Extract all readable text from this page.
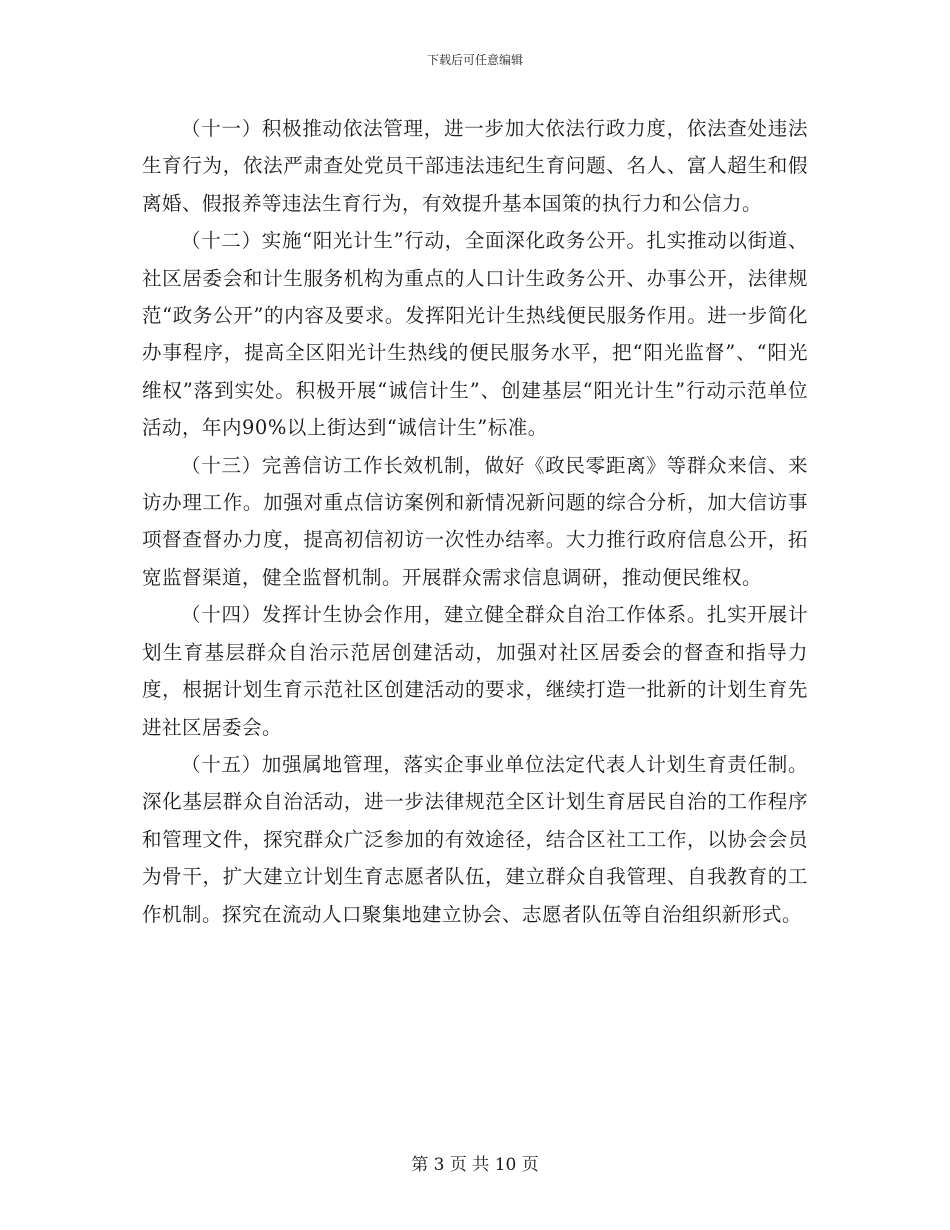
下载后可任意编辑

（十一）积极推动依法管理，进一步加大依法行政力度，依法查处违法生育行为，依法严肃查处党员干部违法违纪生育问题、名人、富人超生和假离婚、假报养等违法生育行为，有效提升基本国策的执行力和公信力。

（十二）实施“阳光计生”行动，全面深化政务公开。扎实推动以街道、社区居委会和计生服务机构为重点的人口计生政务公开、办事公开，法律规范“政务公开”的内容及要求。发挥阳光计生热线便民服务作用。进一步简化办事程序，提高全区阳光计生热线的便民服务水平，把“阳光监督”、“阳光维权”落到实处。积极开展“诚信计生”、创建基层“阳光计生”行动示范单位活动，年内90%以上街达到“诚信计生”标准。

（十三）完善信访工作长效机制，做好《政民零距离》等群众来信、来访办理工作。加强对重点信访案例和新情况新问题的综合分析，加大信访事项督查督办力度，提高初信初访一次性办结率。大力推行政府信息公开，拓宽监督渠道，健全监督机制。开展群众需求信息调研，推动便民维权。

（十四）发挥计生协会作用，建立健全群众自治工作体系。扎实开展计划生育基层群众自治示范居创建活动，加强对社区居委会的督查和指导力度，根据计划生育示范社区创建活动的要求，继续打造一批新的计划生育先进社区居委会。

（十五）加强属地管理，落实企事业单位法定代表人计划生育责任制。深化基层群众自治活动，进一步法律规范全区计划生育居民自治的工作程序和管理文件，探究群众广泛参加的有效途径，结合区社工工作，以协会会员为骨干，扩大建立计划生育志愿者队伍，建立群众自我管理、自我教育的工作机制。探究在流动人口聚集地建立协会、志愿者队伍等自治组织新形式。

第 3 页 共 10 页
